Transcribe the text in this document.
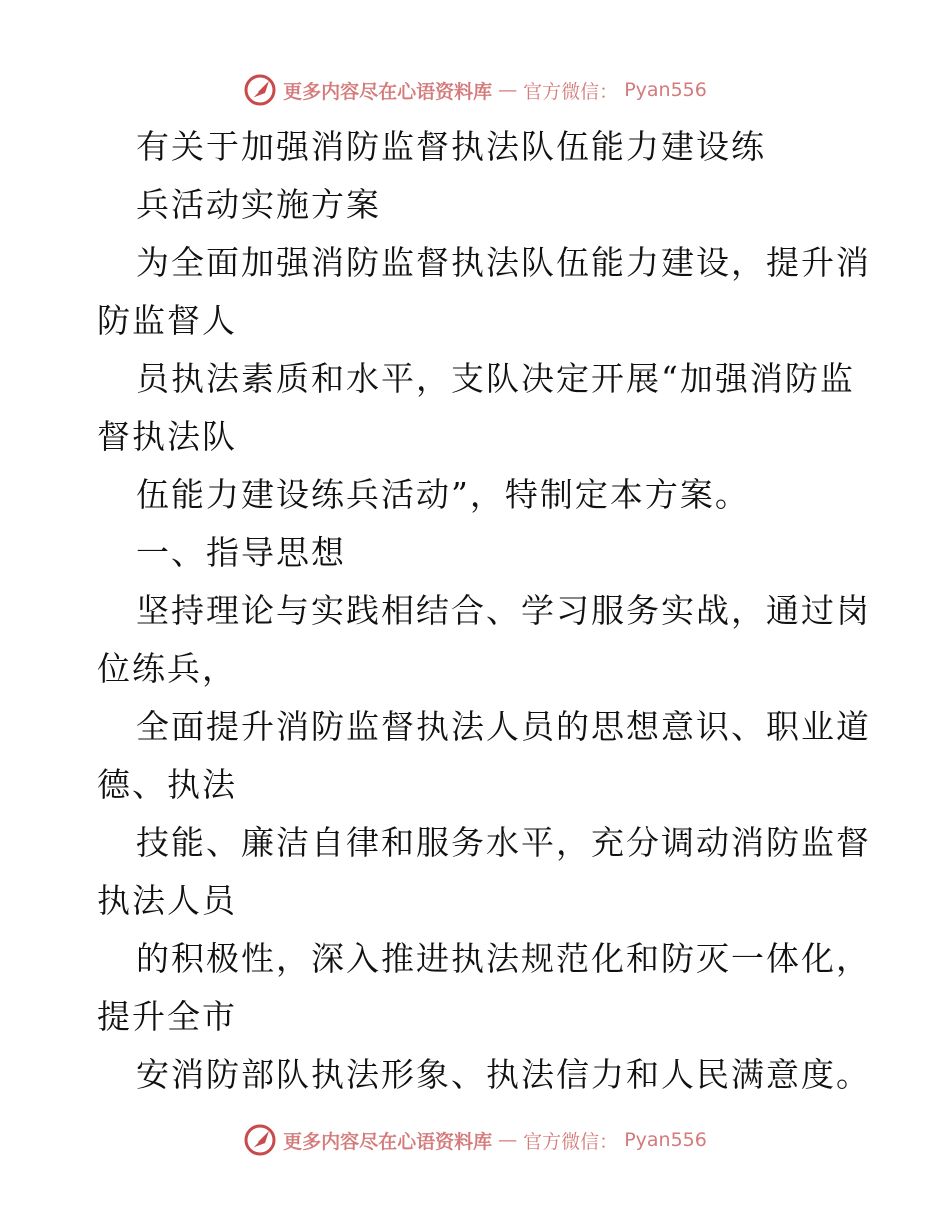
更多内容尽在心语资料库 — 官方微信： Pyan556
有关于加强消防监督执法队伍能力建设练
兵活动实施方案
为全面加强消防监督执法队伍能力建设，提升消
防监督人
员执法素质和水平，支队决定开展“加强消防监
督执法队
伍能力建设练兵活动”，特制定本方案。
一、指导思想
坚持理论与实践相结合、学习服务实战，通过岗
位练兵，
全面提升消防监督执法人员的思想意识、职业道
德、执法
技能、廉洁自律和服务水平，充分调动消防监督
执法人员
的积极性，深入推进执法规范化和防灭一体化，
提升全市
安消防部队执法形象、执法信力和人民满意度。
更多内容尽在心语资料库 — 官方微信： Pyan556
